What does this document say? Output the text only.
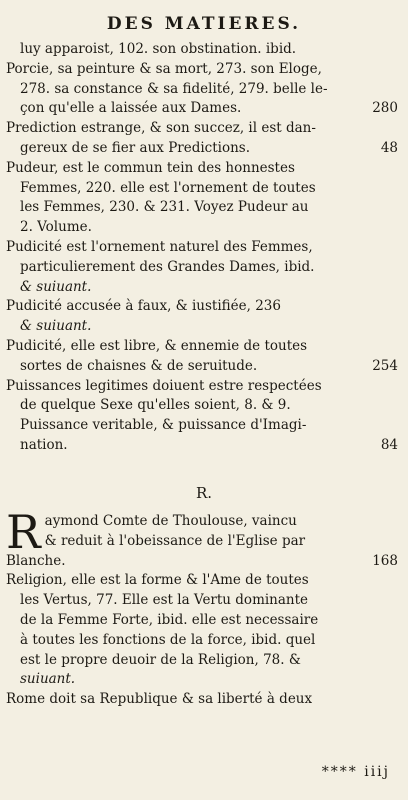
DES MATIERES.
luy apparoist, 102. son obstination. ibid.
Porcie, sa peinture & sa mort, 273. son Eloge,
278. sa constance & sa fidelité, 279. belle le-
çon qu'elle a laissée aux Dames.	280
Prediction estrange, & son succez, il est dan-
gereux de se fier aux Predictions.	48
Pudeur, est le commun tein des honnestes
Femmes, 220. elle est l'ornement de toutes
les Femmes, 230. & 231. Voyez Pudeur au
2. Volume.
Pudicité est l'ornement naturel des Femmes,
particulierement des Grandes Dames, ibid.
& suiuant.
Pudicité accusée à faux, & iustifiée, 236
& suiuant.
Pudicité, elle est libre, & ennemie de toutes
sortes de chaisnes & de seruitude.	254
Puissances legitimes doiuent estre respectées
de quelque Sexe qu'elles soient, 8. & 9.
Puissance veritable, & puissance d'Imagi-
nation.	84
R.
R aymond Comte de Thoulouse, vaincu
& reduit à l'obeissance de l'Eglise par
Blanche.	168
Religion, elle est la forme & l'Ame de toutes
les Vertus, 77. Elle est la Vertu dominante
de la Femme Forte, ibid. elle est necessaire
à toutes les fonctions de la force, ibid. quel
est le propre deuoir de la Religion, 78. &
suiuant.
Rome doit sa Republique & sa liberté à deux
**** iiij
